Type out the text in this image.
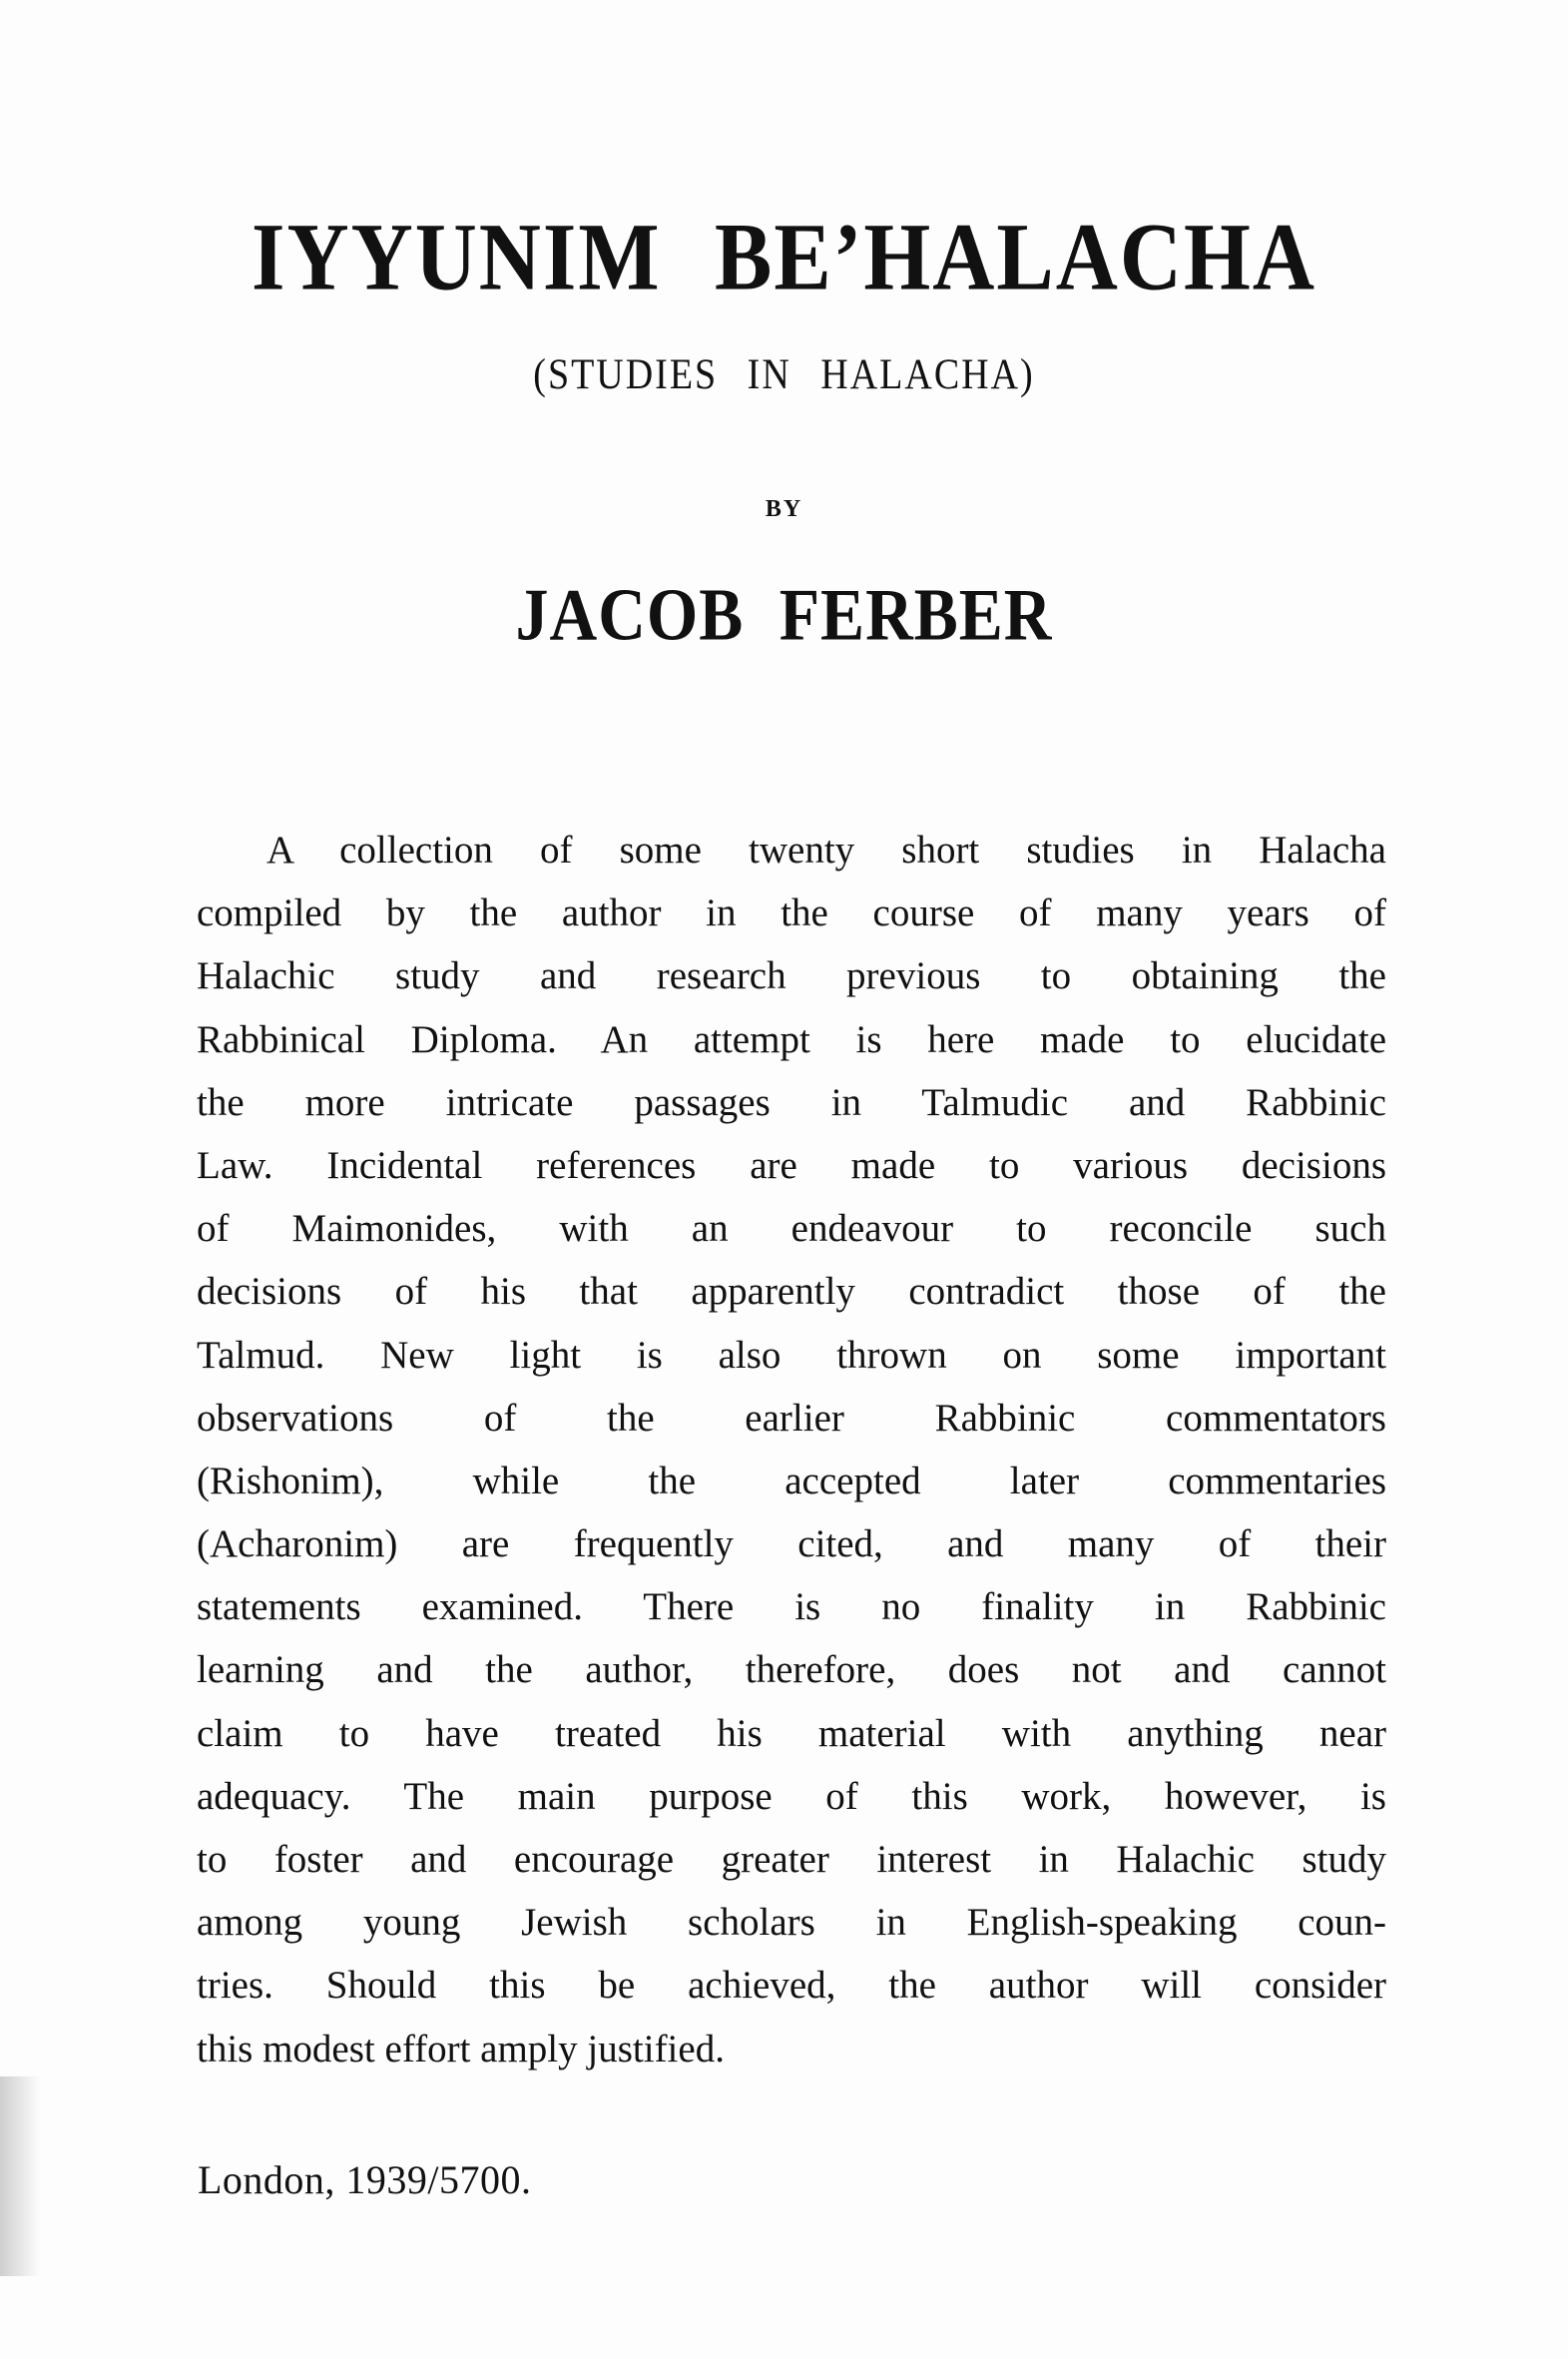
IYYUNIM BE’HALACHA
(STUDIES IN HALACHA)
BY
JACOB FERBER
A collection of some twenty short studies in Halacha
compiled by the author in the course of many years of
Halachic study and research previous to obtaining the
Rabbinical Diploma. An attempt is here made to elucidate
the more intricate passages in Talmudic and Rabbinic
Law. Incidental references are made to various decisions
of Maimonides, with an endeavour to reconcile such
decisions of his that apparently contradict those of the
Talmud. New light is also thrown on some important
observations of the earlier Rabbinic commentators
(Rishonim), while the accepted later commentaries
(Acharonim) are frequently cited, and many of their
statements examined. There is no finality in Rabbinic
learning and the author, therefore, does not and cannot
claim to have treated his material with anything near
adequacy. The main purpose of this work, however, is
to foster and encourage greater interest in Halachic study
among young Jewish scholars in English-speaking coun-
tries. Should this be achieved, the author will consider
this modest effort amply justified.
London, 1939/5700.
